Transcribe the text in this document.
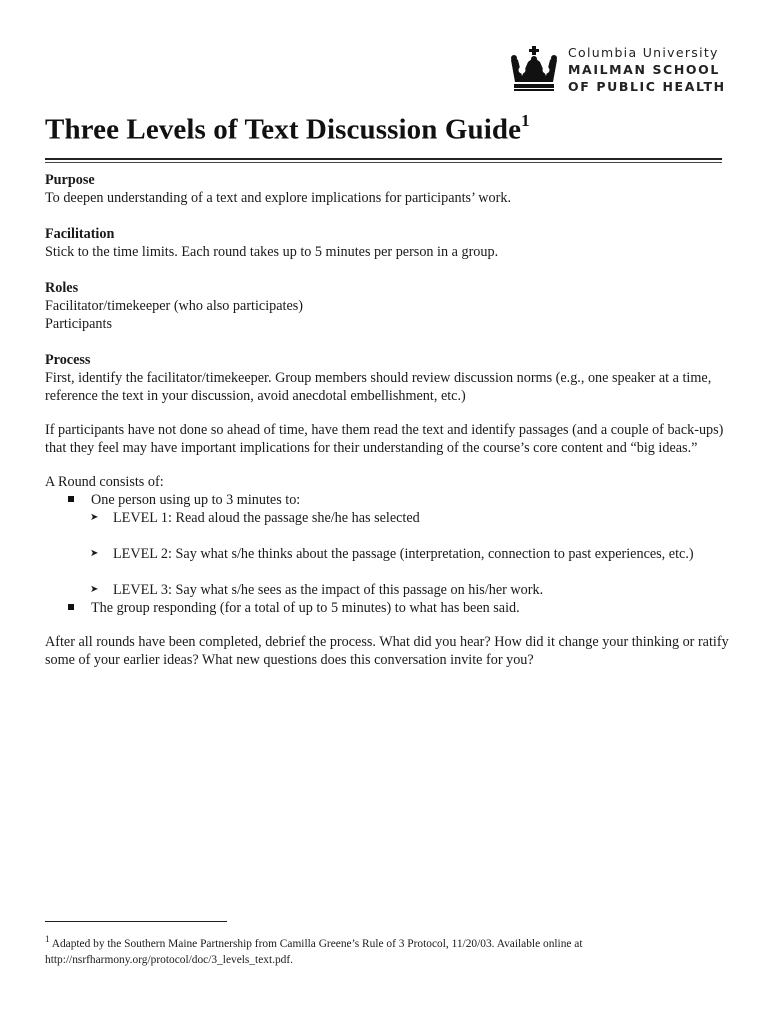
Columbia University
MAILMAN SCHOOL
OF PUBLIC HEALTH
Three Levels of Text Discussion Guide$^1$

Purpose

To deepen understanding of a text and explore implications for participants’ work.

Facilitation

Stick to the time limits. Each round takes up to 5 minutes per person in a group.

Roles

Facilitator/timekeeper (who also participates)

Participants

Process

First, identify the facilitator/timekeeper. Group members should review discussion norms (e.g., one speaker at a time, reference the text in your discussion, avoid anecdotal embellishment, etc.)

If participants have not done so ahead of time, have them read the text and identify passages (and a couple of back-ups) that they feel may have important implications for their understanding of the course’s core content and “big ideas.”

A Round consists of:

One person using up to 3 minutes to:
➤ LEVEL 1: Read aloud the passage she/he has selected
➤ LEVEL 2: Say what s/he thinks about the passage (interpretation, connection to past experiences, etc.)
➤ LEVEL 3: Say what s/he sees as the impact of this passage on his/her work.
The group responding (for a total of up to 5 minutes) to what has been said.

After all rounds have been completed, debrief the process. What did you hear? How did it change your thinking or ratify some of your earlier ideas? What new questions does this conversation invite for you?

$^1$ Adapted by the Southern Maine Partnership from Camilla Greene’s Rule of 3 Protocol, 11/20/03. Available online at
http://nsrfharmony.org/protocol/doc/3_levels_text.pdf.
